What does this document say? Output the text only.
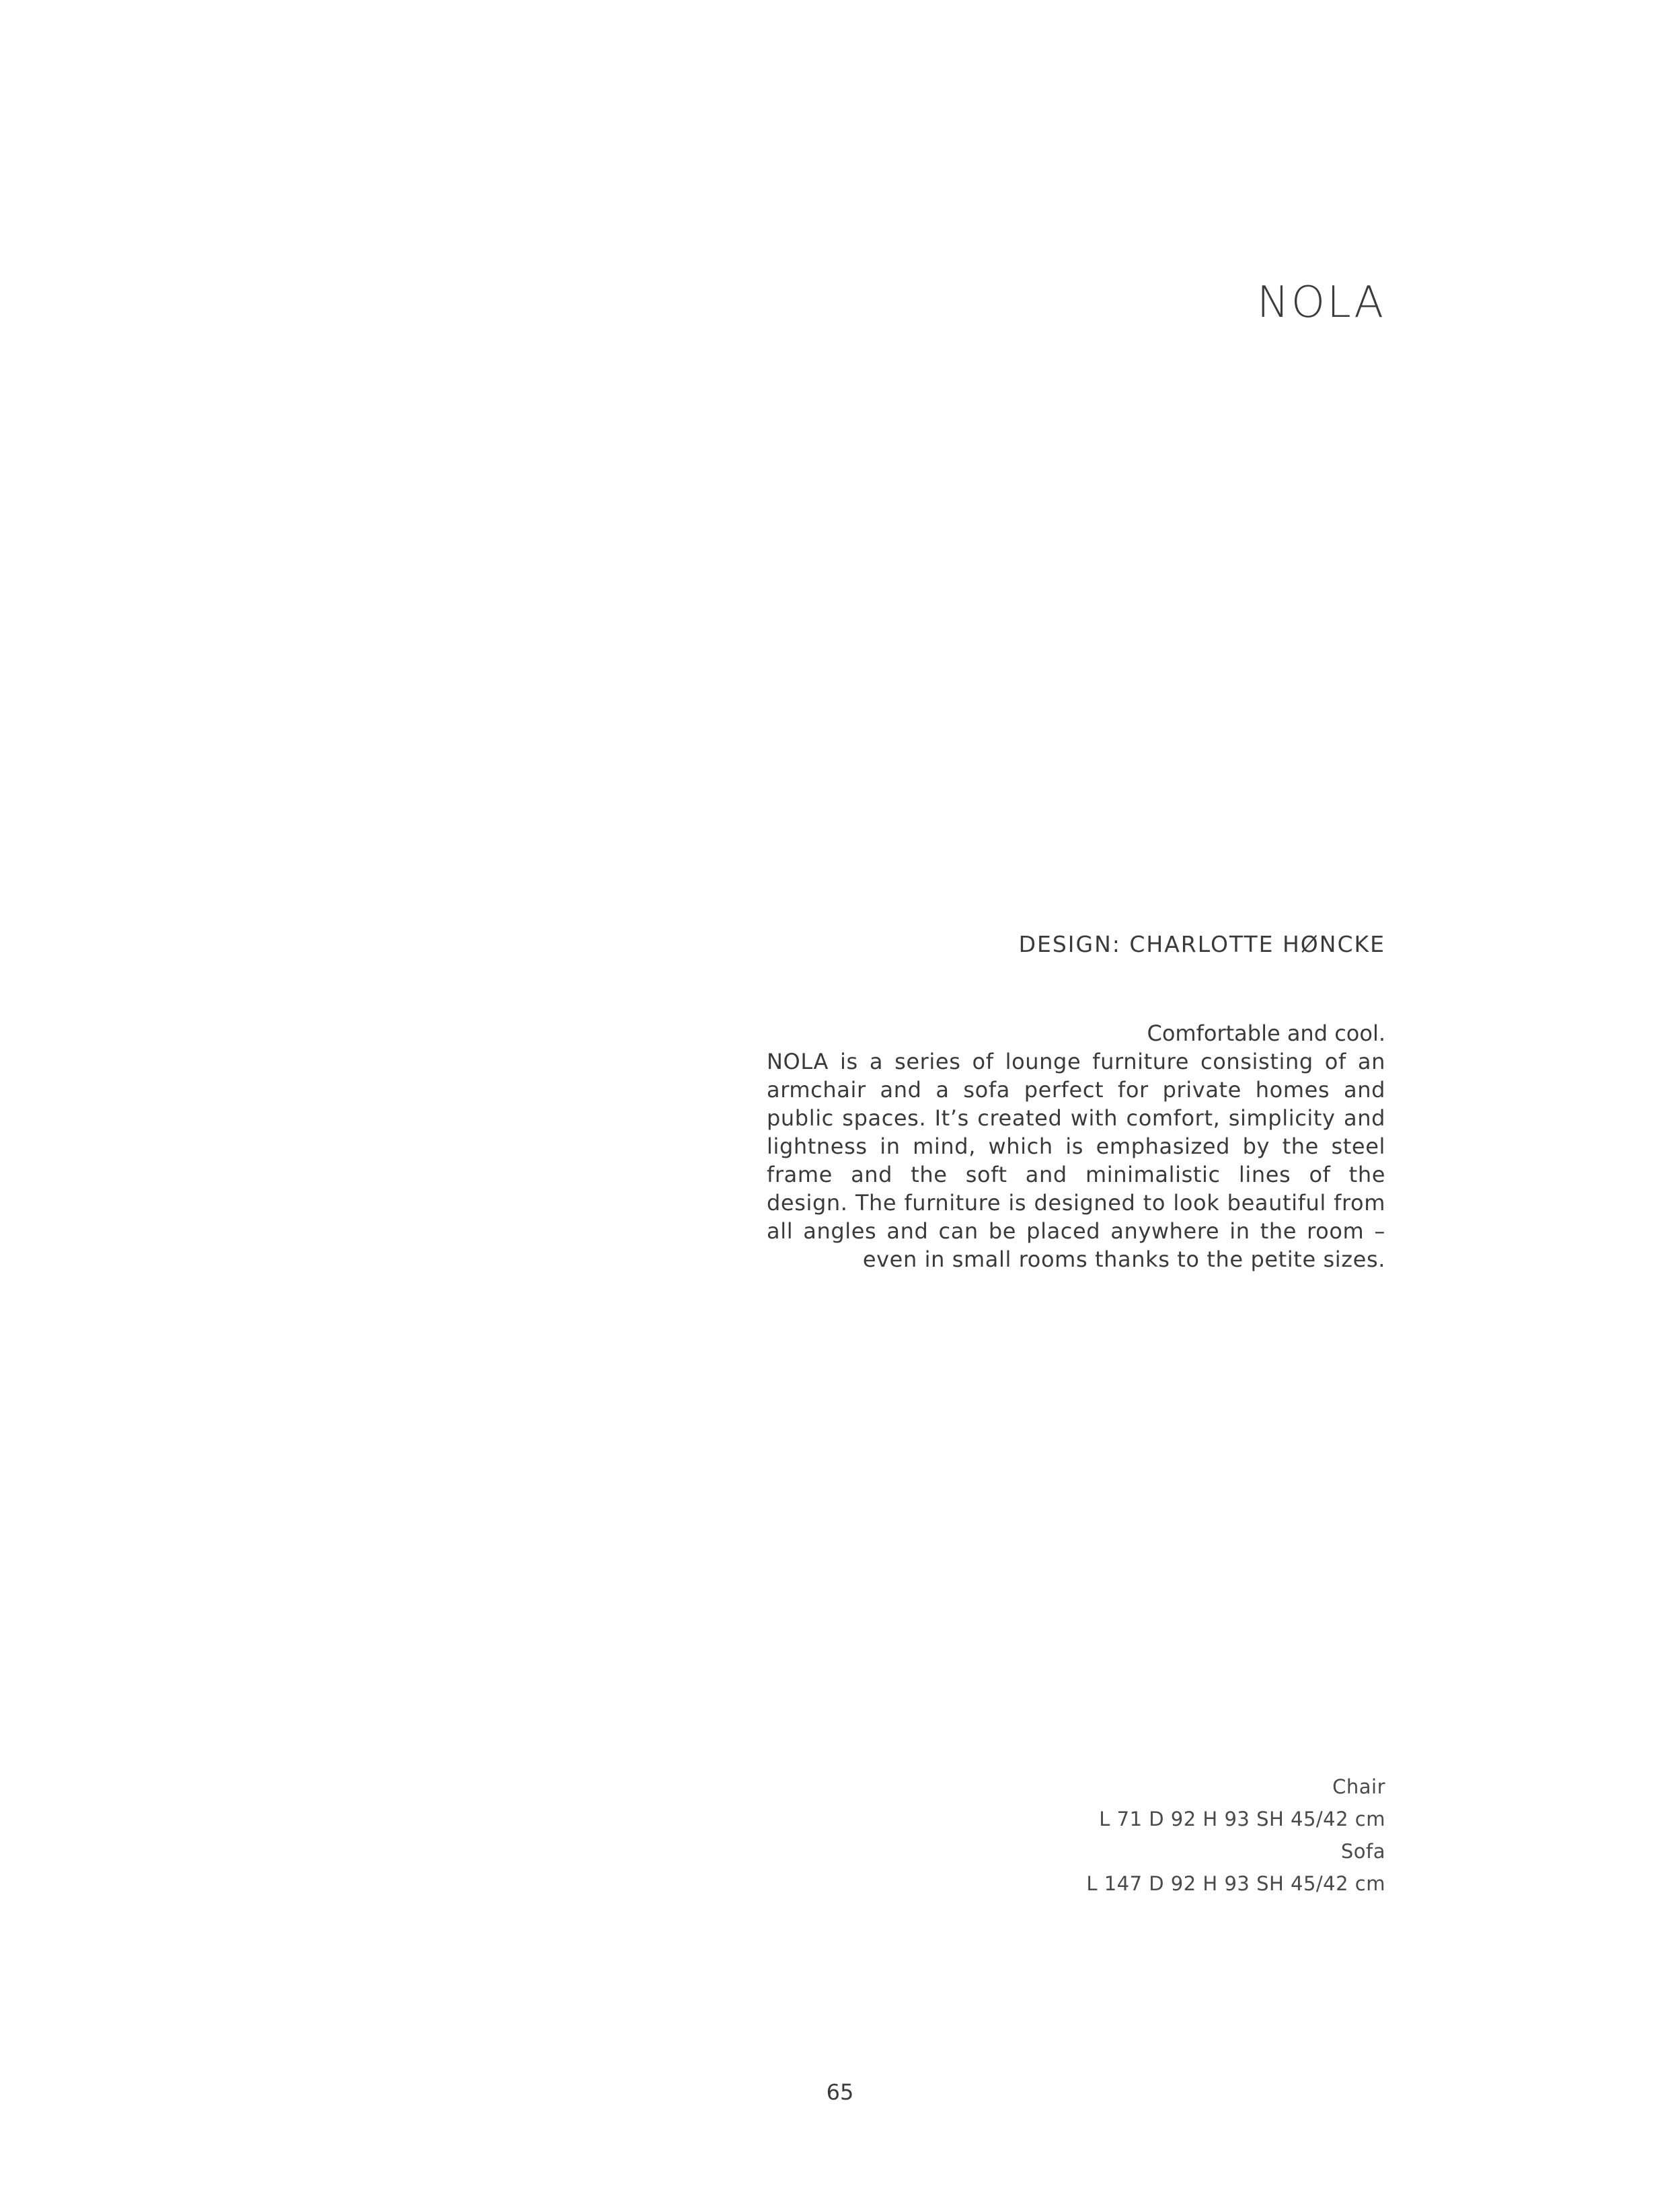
NOLA
DESIGN: CHARLOTTE HØNCKE
Comfortable and cool.
NOLA is a series of lounge furniture consisting of an armchair and a sofa perfect for private homes and public spaces. It’s created with comfort, simplicity and lightness in mind, which is emphasized by the steel frame and the soft and minimalistic lines of the design. The furniture is designed to look beautiful from all angles and can be placed anywhere in the room – even in small rooms thanks to the petite sizes.
Chair
L 71 D 92 H 93 SH 45/42 cm
Sofa
L 147 D 92 H 93 SH 45/42 cm
65
